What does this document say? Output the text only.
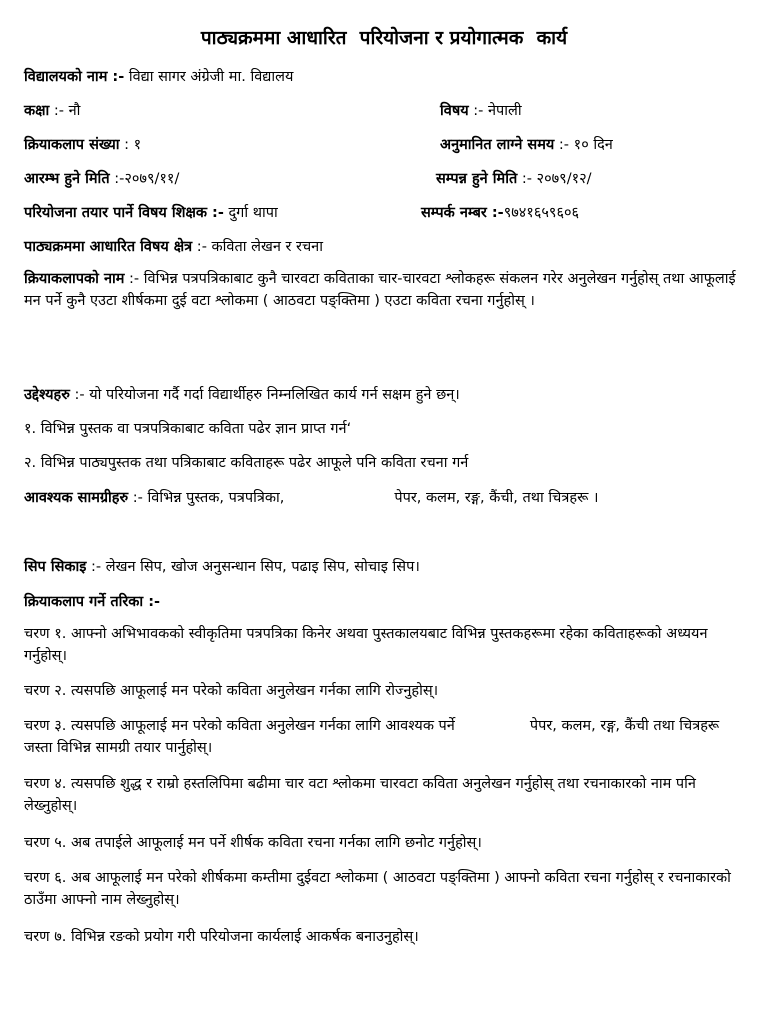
पाठ्यक्रममा आधारित  परियोजना र प्रयोगात्मक  कार्य
विद्यालयको नाम :- विद्या सागर अंग्रेजी मा. विद्यालय
कक्षा :- नौ	विषय :- नेपाली
क्रियाकलाप संख्या : १	अनुमानित लाग्ने समय :- १० दिन
आरम्भ हुने मिति :-२०७९/११/	सम्पन्न हुने मिति :- २०७९/१२/
परियोजना तयार पार्ने विषय शिक्षक :- दुर्गा थापा	सम्पर्क नम्बर :-९७४१६५९६०६
पाठ्यक्रममा आधारित विषय क्षेत्र :- कविता लेखन र रचना
क्रियाकलापको नाम :- विभिन्न पत्रपत्रिकाबाट कुनै चारवटा कविताका चार-चारवटा श्लोकहरू संकलन गरेर अनुलेखन गर्नुहोस् तथा आफूलाई मन पर्ने कुनै एउटा शीर्षकमा दुई वटा श्लोकमा ( आठवटा पङ्क्तिमा ) एउटा कविता रचना गर्नुहोस् ।
उद्देश्यहरु :- यो परियोजना गर्दै गर्दा विद्यार्थीहरु निम्नलिखित कार्य गर्न सक्षम हुने छन्।
१. विभिन्न पुस्तक वा पत्रपत्रिकाबाट कविता पढेर ज्ञान प्राप्त गर्न‘
२. विभिन्न पाठ्यपुस्तक तथा पत्रिकाबाट कविताहरू पढेर आफूले पनि कविता रचना गर्न
आवश्यक सामग्रीहरु :- विभिन्न पुस्तक, पत्रपत्रिका,	पेपर, कलम, रङ्ग, कैंची, तथा चित्रहरू ।
सिप सिकाइ :- लेखन सिप, खोज अनुसन्धान सिप, पढाइ सिप, सोचाइ सिप।
क्रियाकलाप गर्ने तरिका :-
चरण १. आफ्नो अभिभावकको स्वीकृतिमा पत्रपत्रिका किनेर अथवा पुस्तकालयबाट विभिन्न पुस्तकहरूमा रहेका कविताहरूको अध्ययन गर्नुहोस्।
चरण २. त्यसपछि आफूलाई मन परेको कविता अनुलेखन गर्नका लागि रोज्नुहोस्।
चरण ३. त्यसपछि आफूलाई मन परेको कविता अनुलेखन गर्नका लागि आवश्यक पर्ने	पेपर, कलम, रङ्ग, कैंची तथा चित्रहरू जस्ता विभिन्न सामग्री तयार पार्नुहोस्।
चरण ४. त्यसपछि शुद्ध र राम्रो हस्तलिपिमा बढीमा चार वटा श्लोकमा चारवटा कविता अनुलेखन गर्नुहोस् तथा रचनाकारको नाम पनि लेख्नुहोस्।
चरण ५. अब तपाईले आफूलाई मन पर्ने शीर्षक कविता रचना गर्नका लागि छनोट गर्नुहोस्।
चरण ६. अब आफूलाई मन परेको शीर्षकमा कम्तीमा दुईवटा श्लोकमा ( आठवटा पङ्क्तिमा ) आफ्नो कविता रचना गर्नुहोस् र रचनाकारको ठाउँमा आफ्नो नाम लेख्नुहोस्।
चरण ७. विभिन्न रङको प्रयोग गरी परियोजना कार्यलाई आकर्षक बनाउनुहोस्।
